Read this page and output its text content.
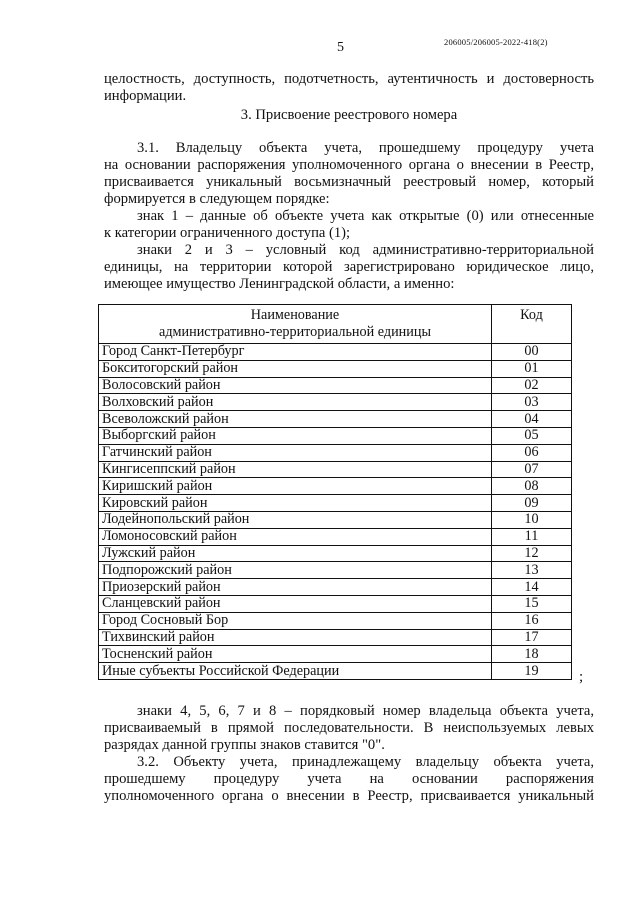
206005/206005-2022-418(2)
5
целостность, доступность, подотчетность, аутентичность и достоверность
информации.
3. Присвоение реестрового номера
3.1. Владельцу объекта учета, прошедшему процедуру учета
на основании распоряжения уполномоченного органа о внесении в Реестр,
присваивается уникальный восьмизначный реестровый номер, который
формируется в следующем порядке:
знак 1 – данные об объекте учета как открытые (0) или отнесенные
к категории ограниченного доступа (1);
знаки 2 и 3 – условный код административно-территориальной
единицы, на территории которой зарегистрировано юридическое лицо,
имеющее имущество Ленинградской области, а именно:
Наименование
административно-территориальной единицы	Код
Город Санкт-Петербург	00
Бокситогорский район	01
Волосовский район	02
Волховский район	03
Всеволожский район	04
Выборгский район	05
Гатчинский район	06
Кингисеппский район	07
Киришский район	08
Кировский район	09
Лодейнопольский район	10
Ломоносовский район	11
Лужский район	12
Подпорожский район	13
Приозерский район	14
Сланцевский район	15
Город Сосновый Бор	16
Тихвинский район	17
Тосненский район	18
Иные субъекты Российской Федерации	19	;
знаки 4, 5, 6, 7 и 8 – порядковый номер владельца объекта учета,
присваиваемый в прямой последовательности. В неиспользуемых левых
разрядах данной группы знаков ставится "0".
3.2. Объекту учета, принадлежащему владельцу объекта учета,
прошедшему процедуру учета на основании распоряжения
уполномоченного органа о внесении в Реестр, присваивается уникальный
